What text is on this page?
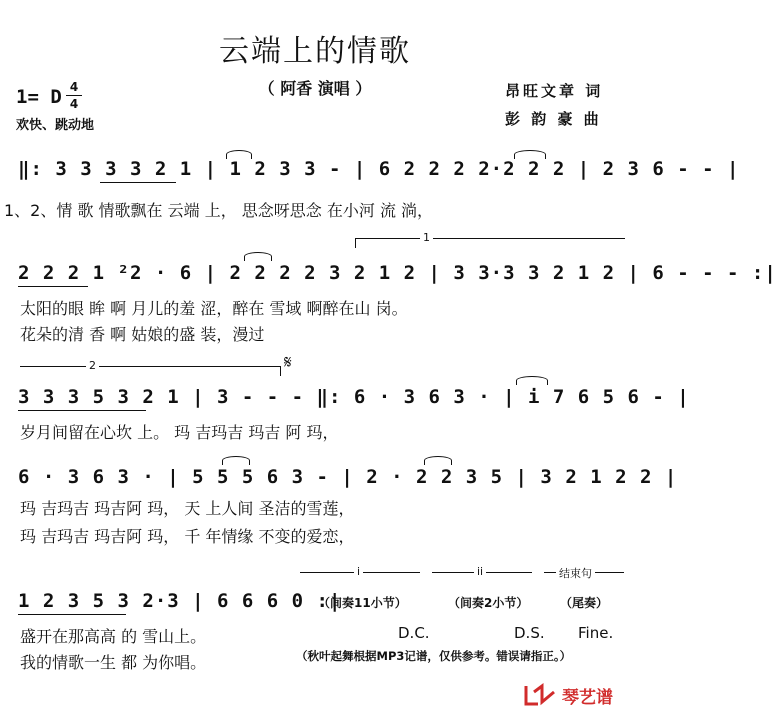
云端上的情歌
（ 阿香 演唱 ）
1= D 4
4
欢快、跳动地
昂旺文章 词
彭 韵 豪 曲
‖: 3 3 3 3 2 1 | 1 2 3 3 - | 6 2 2 2 2·2 2 2 | 2 3 6 - - |
1、2、情 歌 情歌飘在 云端 上， 思念呀思念 在小河 流 淌，
1
2 2 2 1 ²2 · 6 | 2 2 2 2 3 2 1 2 | 3 3·3 3 2 1 2 | 6 - - - :|
太阳的眼 眸 啊 月儿的羞 涩，醉在 雪域 啊醉在山 岗。
花朵的清 香 啊 姑娘的盛 装，漫过
2	𝄋
3 3 3 5 3 2 1 | 3 - - - ‖: 6 · 3 6 3 · | i 7 6 5 6 - |
岁月间留在心坎 上。 玛 吉玛吉 玛吉 阿 玛，
6 · 3 6 3 · | 5 5 5 6 3 - | 2 · 2 2 3 5 | 3 2 1 2 2 |
玛 吉玛吉 玛吉阿 玛， 天 上人间 圣洁的雪莲，
玛 吉玛吉 玛吉阿 玛， 千 年情缘 不变的爱恋，
i	ii	结束句
1 2 3 5 3 2·3 | 6 6 6 0 :|
（间奏11小节）	（间奏2小节）	（尾奏）
盛开在那高高 的 雪山上。
我的情歌一生 都 为你唱。
D.C.	D.S. Fine.
（秋叶起舞根据MP3记谱，仅供参考。错误请指正。）
琴艺谱
